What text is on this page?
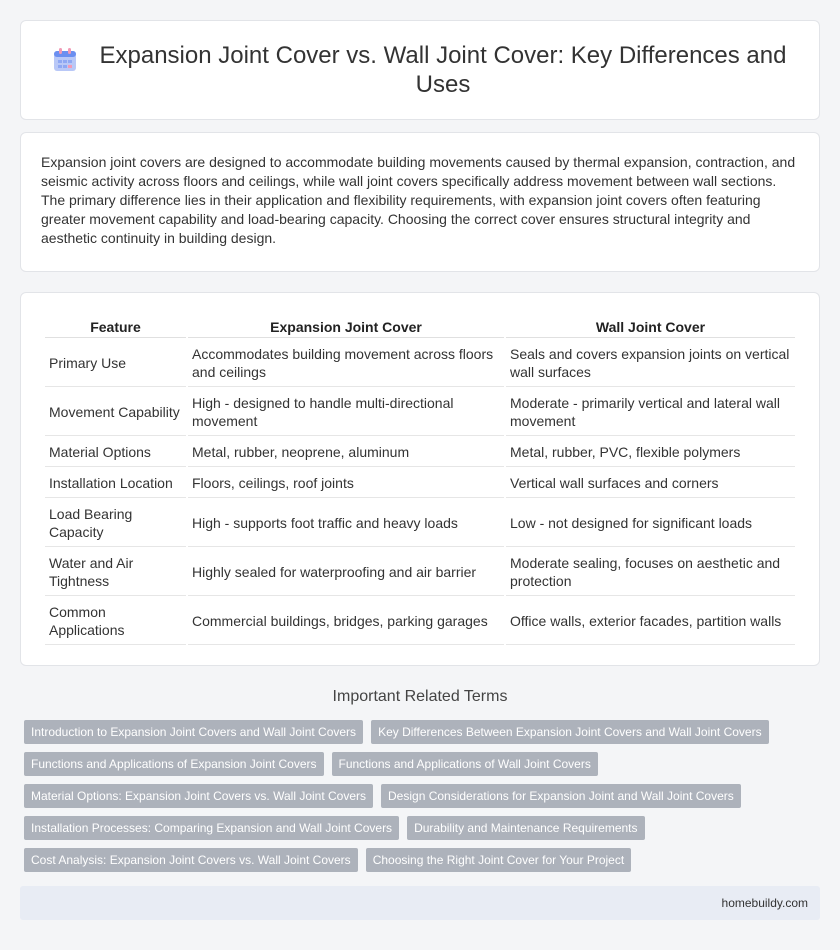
Expansion Joint Cover vs. Wall Joint Cover: Key Differences and Uses

Expansion joint covers are designed to accommodate building movements caused by thermal expansion, contraction, and seismic activity across floors and ceilings, while wall joint covers specifically address movement between wall sections. The primary difference lies in their application and flexibility requirements, with expansion joint covers often featuring greater movement capability and load-bearing capacity. Choosing the correct cover ensures structural integrity and aesthetic continuity in building design.

Feature	Expansion Joint Cover	Wall Joint Cover
Primary Use	Accommodates building movement across floors and ceilings	Seals and covers expansion joints on vertical wall surfaces
Movement Capability	High - designed to handle multi-directional movement	Moderate - primarily vertical and lateral wall movement
Material Options	Metal, rubber, neoprene, aluminum	Metal, rubber, PVC, flexible polymers
Installation Location	Floors, ceilings, roof joints	Vertical wall surfaces and corners
Load Bearing Capacity	High - supports foot traffic and heavy loads	Low - not designed for significant loads
Water and Air Tightness	Highly sealed for waterproofing and air barrier	Moderate sealing, focuses on aesthetic and protection
Common Applications	Commercial buildings, bridges, parking garages	Office walls, exterior facades, partition walls
Important Related Terms
Introduction to Expansion Joint Covers and Wall Joint Covers	Key Differences Between Expansion Joint Covers and Wall Joint Covers
Functions and Applications of Expansion Joint Covers	Functions and Applications of Wall Joint Covers
Material Options: Expansion Joint Covers vs. Wall Joint Covers	Design Considerations for Expansion Joint and Wall Joint Covers
Installation Processes: Comparing Expansion and Wall Joint Covers	Durability and Maintenance Requirements
Cost Analysis: Expansion Joint Covers vs. Wall Joint Covers	Choosing the Right Joint Cover for Your Project
homebuildy.com
